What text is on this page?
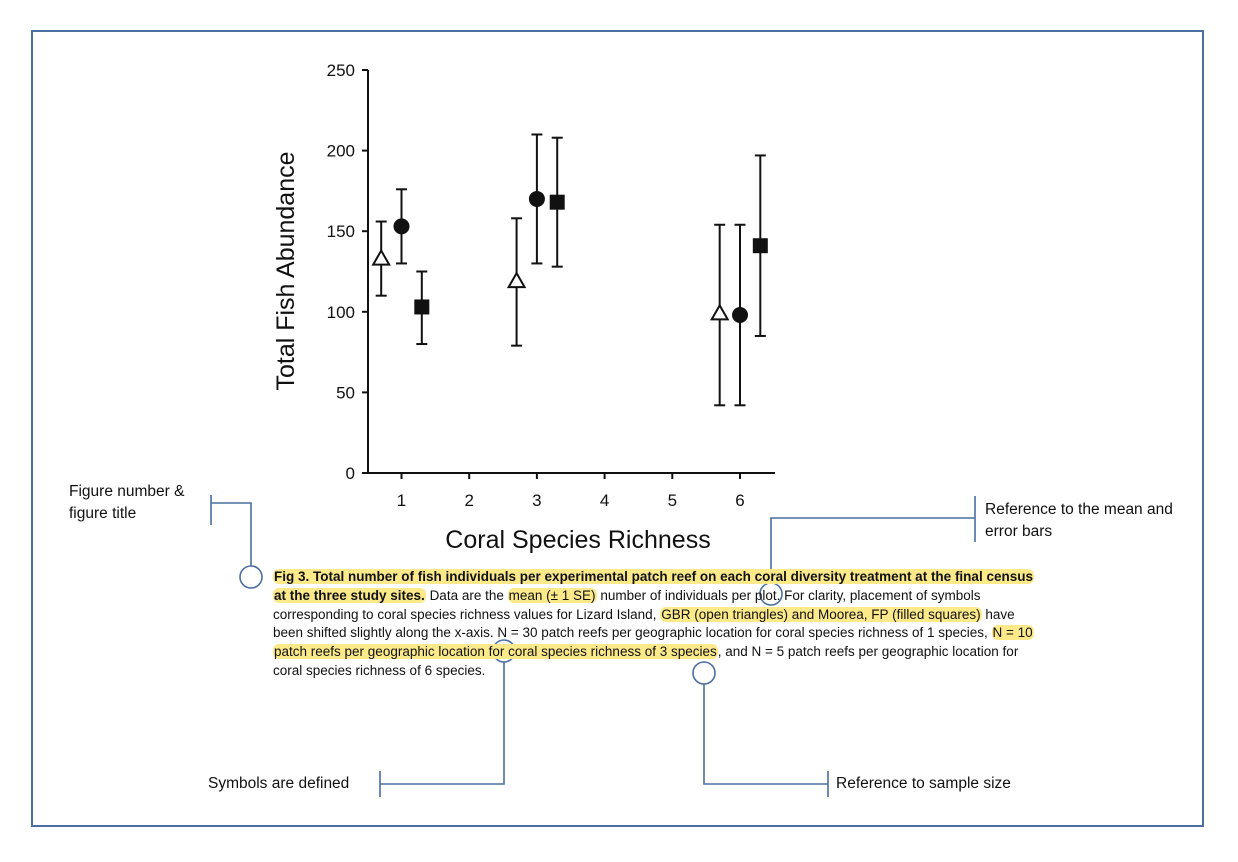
0
50
100
150
200
250
1	2	3	4	5	6
Coral Species Richness
Total Fish Abundance
Fig 3. Total number of fish individuals per experimental patch reef on each coral diversity treatment at the final census at the three study sites. Data are the mean (± 1 SE) number of individuals per plot. For clarity, placement of symbols corresponding to coral species richness values for Lizard Island, GBR (open triangles) and Moorea, FP (filled squares) have been shifted slightly along the x-axis. N = 30 patch reefs per geographic location for coral species richness of 1 species, N = 10 patch reefs per geographic location for coral species richness of 3 species, and N = 5 patch reefs per geographic location for coral species richness of 6 species.
Figure number & figure title	Reference to the mean and error bars
Symbols are defined	Reference to sample size
